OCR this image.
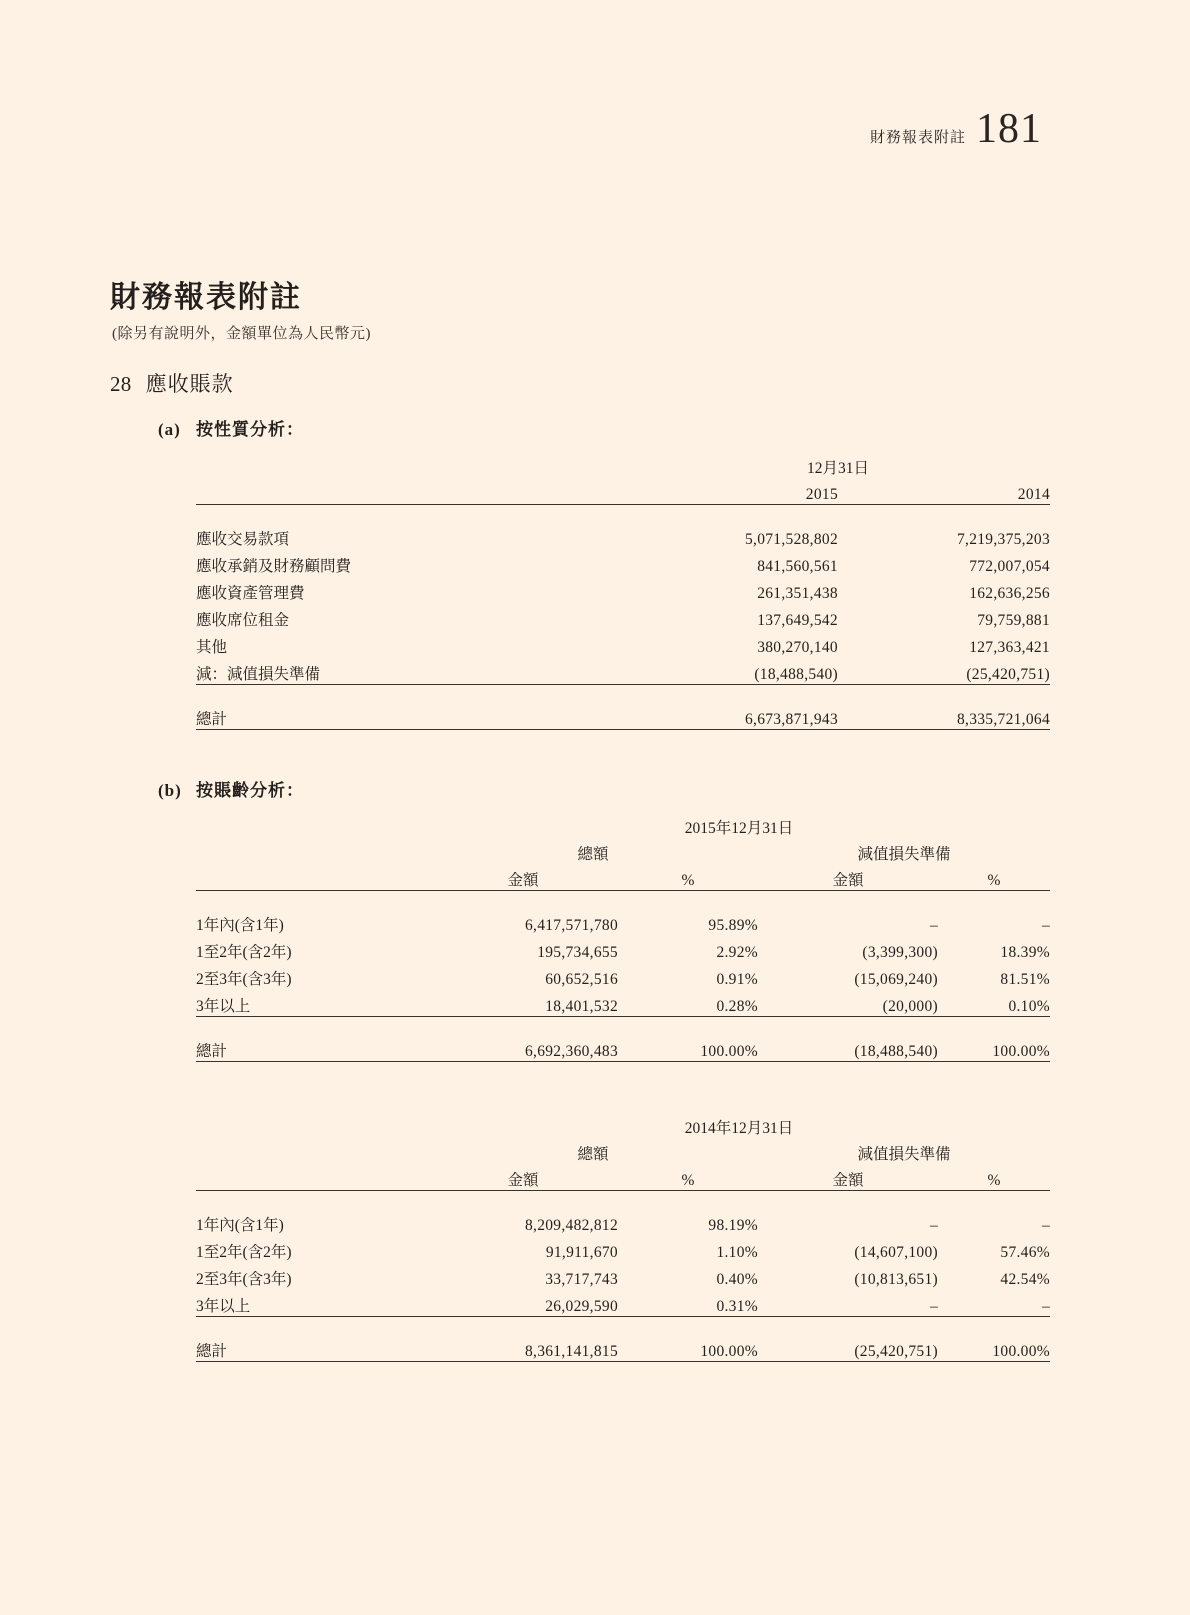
財務報表附註 181
財務報表附註
(除另有說明外，金額單位為人民幣元)
28 應收賬款
(a) 按性質分析：
	12月31日	
	2015	2014

應收交易款項	5,071,528,802	7,219,375,203
應收承銷及財務顧問費	841,560,561	772,007,054
應收資產管理費	261,351,438	162,636,256
應收席位租金	137,649,542	79,759,881
其他	380,270,140	127,363,421
減：減值損失準備	(18,488,540)	(25,420,751)

總計	6,673,871,943	8,335,721,064
(b) 按賬齡分析：
	2015年12月31日			
	總額		減值損失準備	
	金額	%	金額	%

1年內(含1年)	6,417,571,780	95.89%	–	–
1至2年(含2年)	195,734,655	2.92%	(3,399,300)	18.39%
2至3年(含3年)	60,652,516	0.91%	(15,069,240)	81.51%
3年以上	18,401,532	0.28%	(20,000)	0.10%

總計	6,692,360,483	100.00%	(18,488,540)	100.00%
	2014年12月31日			
	總額		減值損失準備	
	金額	%	金額	%

1年內(含1年)	8,209,482,812	98.19%	–	–
1至2年(含2年)	91,911,670	1.10%	(14,607,100)	57.46%
2至3年(含3年)	33,717,743	0.40%	(10,813,651)	42.54%
3年以上	26,029,590	0.31%	–	–

總計	8,361,141,815	100.00%	(25,420,751)	100.00%
